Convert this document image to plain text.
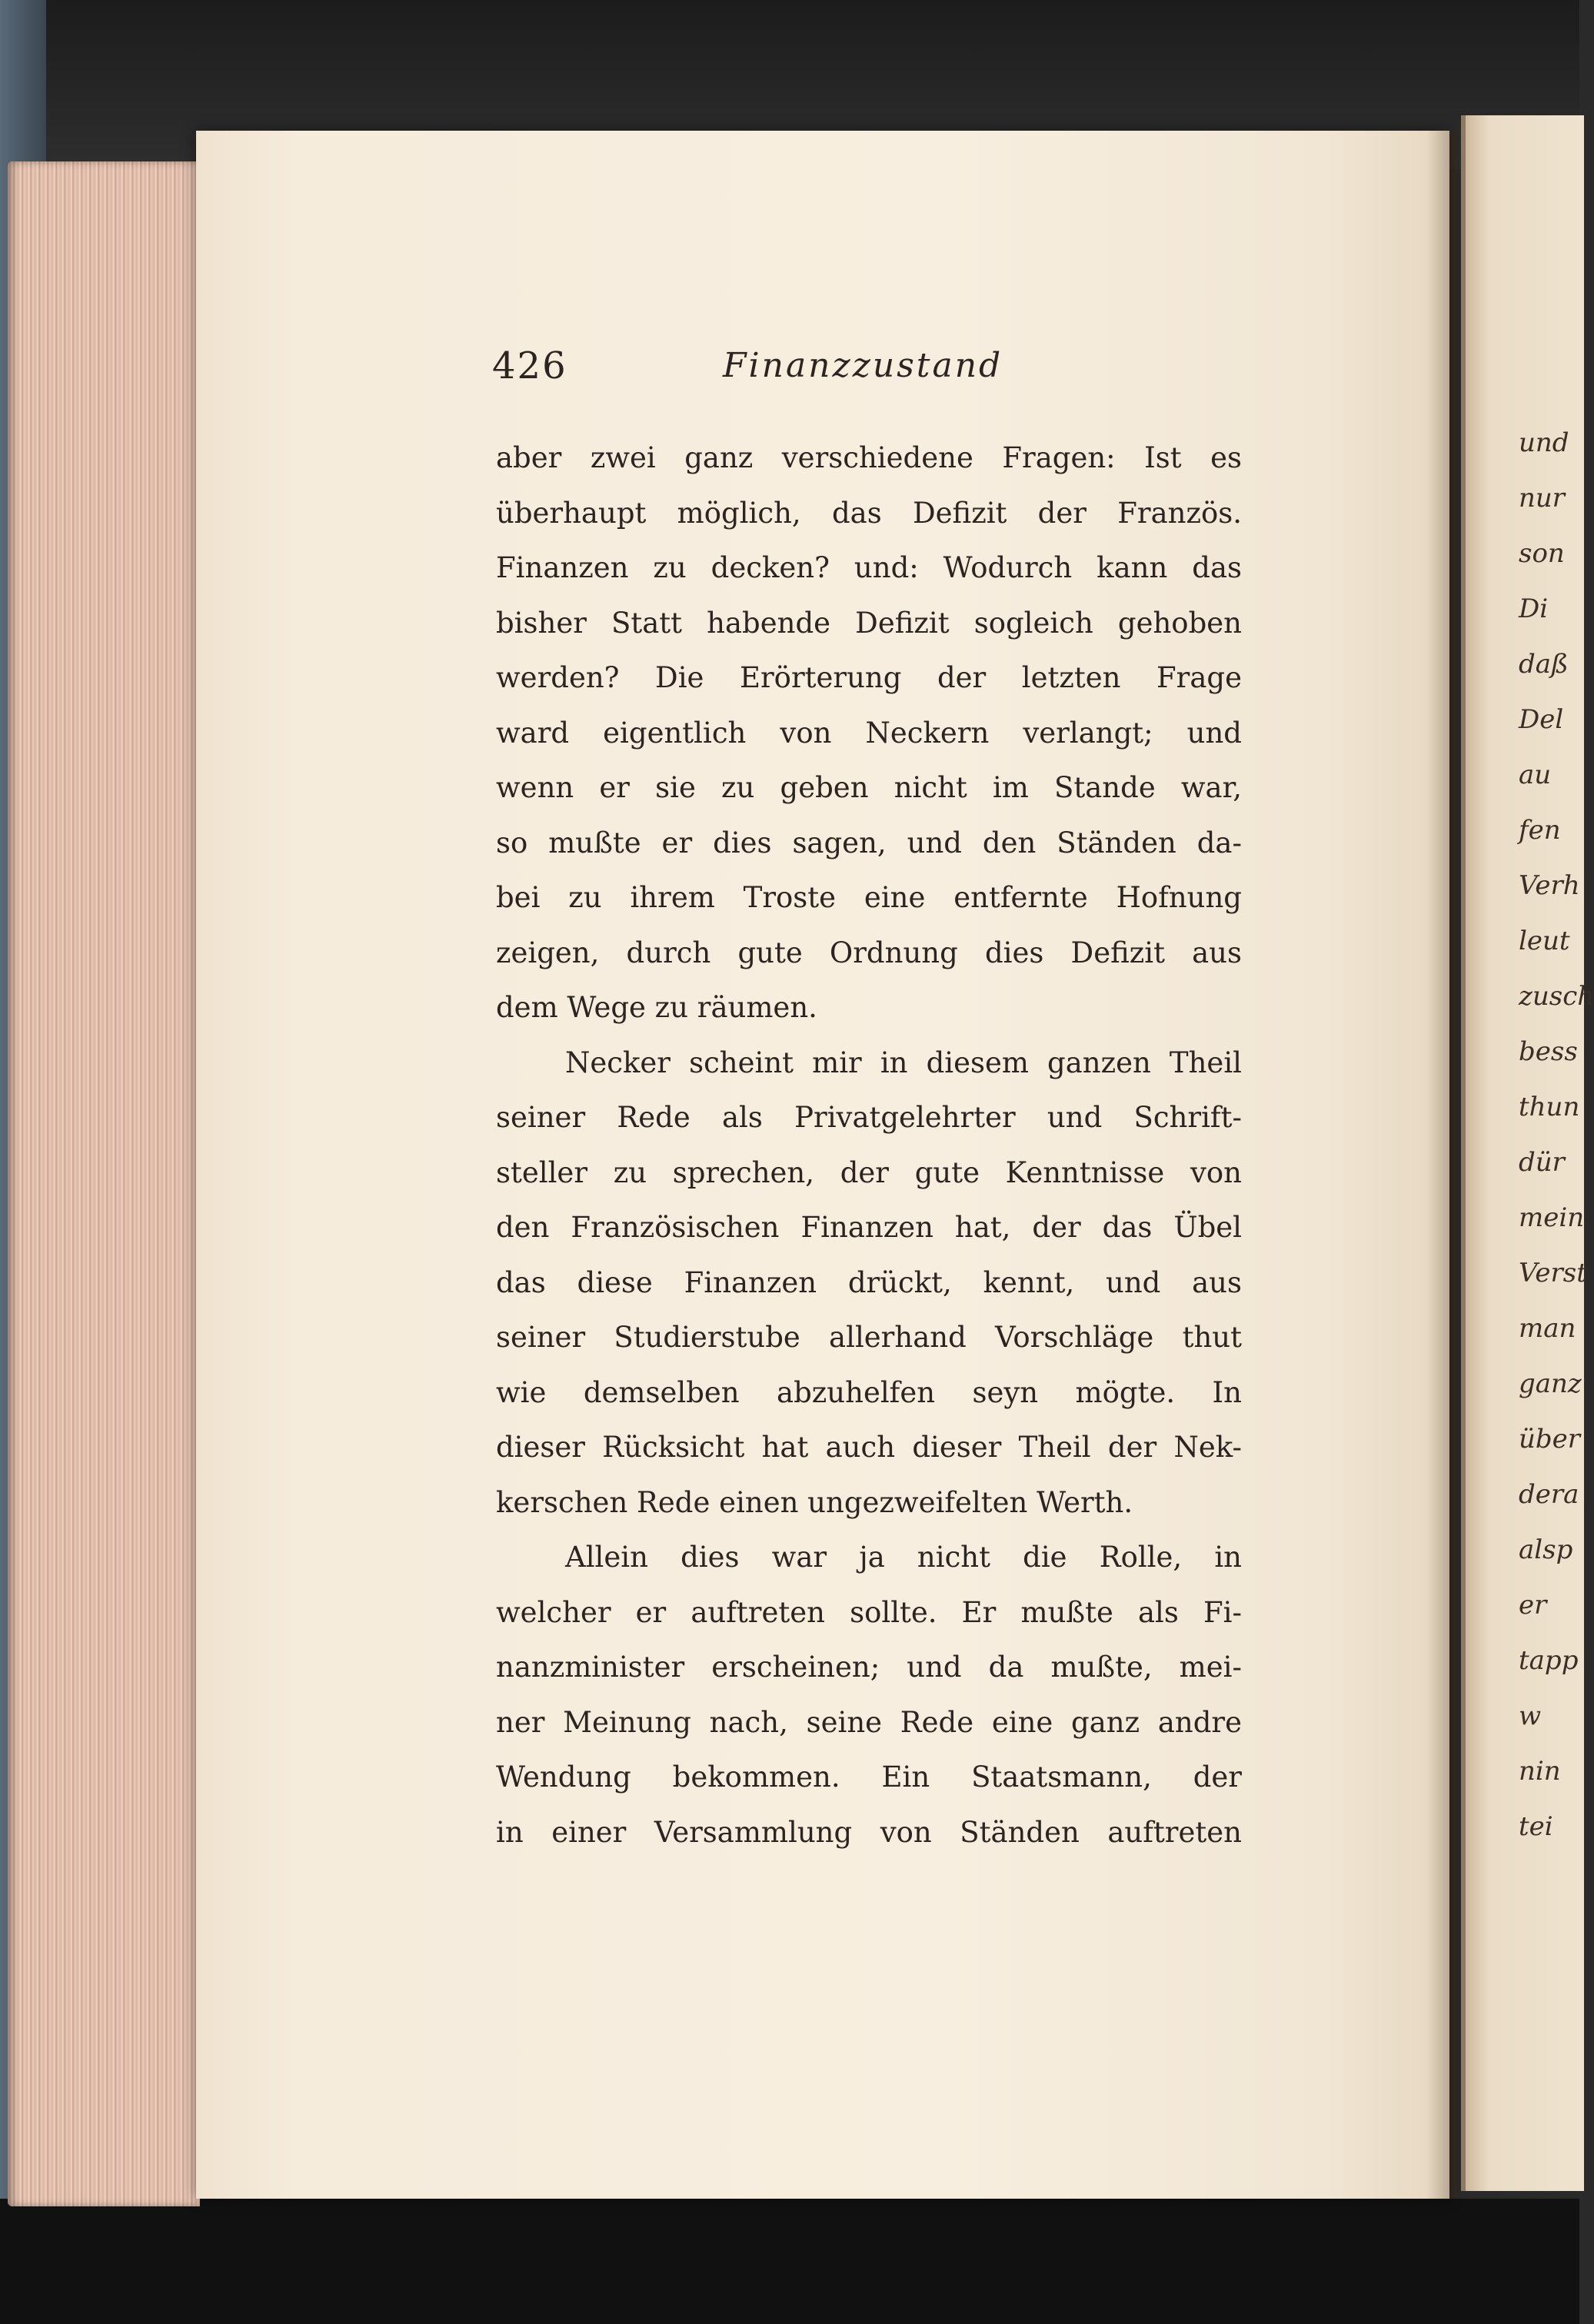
und
nur
son
Di
daß
Del
au
fen
Verh
leut
zusch
bess
thun
dür
mein
Verst
man
ganz
über
dera
alsp
er
tapp
w
nin
tei
426	Finanzzustand
aber zwei ganz verschiedene Fragen: Ist es
überhaupt möglich, das Defizit der Französ.
Finanzen zu decken? und: Wodurch kann das
bisher Statt habende Defizit sogleich gehoben
werden? Die Erörterung der letzten Frage
ward eigentlich von Neckern verlangt; und
wenn er sie zu geben nicht im Stande war,
so mußte er dies sagen, und den Ständen da-
bei zu ihrem Troste eine entfernte Hofnung
zeigen, durch gute Ordnung dies Defizit aus
dem Wege zu räumen.
Necker scheint mir in diesem ganzen Theil
seiner Rede als Privatgelehrter und Schrift-
steller zu sprechen, der gute Kenntnisse von
den Französischen Finanzen hat, der das Übel
das diese Finanzen drückt, kennt, und aus
seiner Studierstube allerhand Vorschläge thut
wie demselben abzuhelfen seyn mögte. In
dieser Rücksicht hat auch dieser Theil der Nek-
kerschen Rede einen ungezweifelten Werth.
Allein dies war ja nicht die Rolle, in
welcher er auftreten sollte. Er mußte als Fi-
nanzminister erscheinen; und da mußte, mei-
ner Meinung nach, seine Rede eine ganz andre
Wendung bekommen. Ein Staatsmann, der
in einer Versammlung von Ständen auftreten
